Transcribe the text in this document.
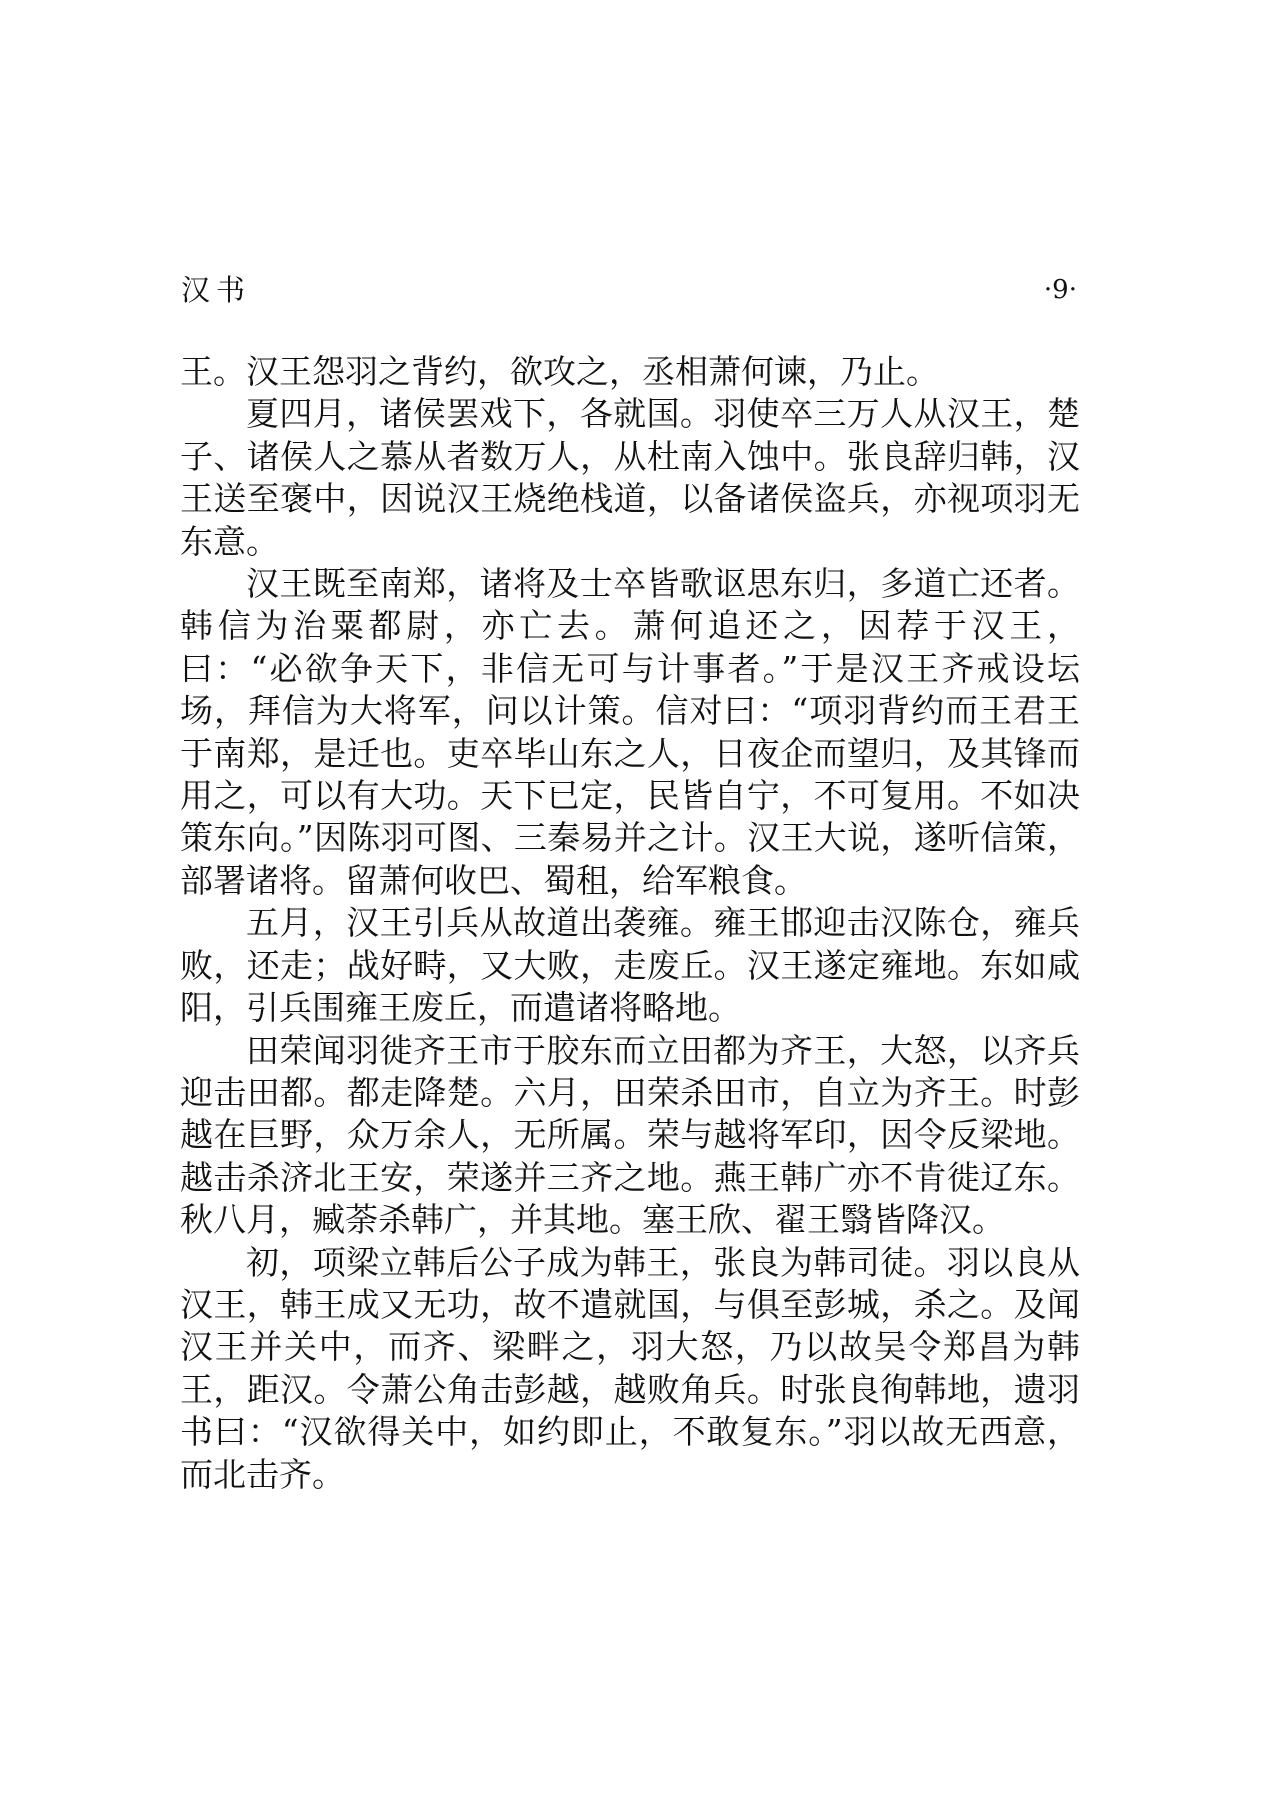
汉书	·9·

王。汉王怨羽之背约，欲攻之，丞相萧何谏，乃止。

夏四月，诸侯罢戏下，各就国。羽使卒三万人从汉王，楚子、诸侯人之慕从者数万人，从杜南入蚀中。张良辞归韩，汉王送至褒中，因说汉王烧绝栈道，以备诸侯盗兵，亦视项羽无东意。

汉王既至南郑，诸将及士卒皆歌讴思东归，多道亡还者。韩信为治粟都尉，亦亡去。萧何追还之，因荐于汉王，曰：“必欲争天下，非信无可与计事者。”于是汉王齐戒设坛场，拜信为大将军，问以计策。信对曰：“项羽背约而王君王于南郑，是迁也。吏卒毕山东之人，日夜企而望归，及其锋而用之，可以有大功。天下已定，民皆自宁，不可复用。不如决策东向。”因陈羽可图、三秦易并之计。汉王大说，遂听信策，部署诸将。留萧何收巴、蜀租，给军粮食。

五月，汉王引兵从故道出袭雍。雍王邯迎击汉陈仓，雍兵败，还走；战好畤，又大败，走废丘。汉王遂定雍地。东如咸阳，引兵围雍王废丘，而遣诸将略地。

田荣闻羽徙齐王市于胶东而立田都为齐王，大怒，以齐兵迎击田都。都走降楚。六月，田荣杀田市，自立为齐王。时彭越在巨野，众万余人，无所属。荣与越将军印，因令反梁地。越击杀济北王安，荣遂并三齐之地。燕王韩广亦不肯徙辽东。秋八月，臧荼杀韩广，并其地。塞王欣、翟王翳皆降汉。

初，项梁立韩后公子成为韩王，张良为韩司徒。羽以良从汉王，韩王成又无功，故不遣就国，与俱至彭城，杀之。及闻汉王并关中，而齐、梁畔之，羽大怒，乃以故吴令郑昌为韩王，距汉。令萧公角击彭越，越败角兵。时张良徇韩地，遗羽书曰：“汉欲得关中，如约即止，不敢复东。”羽以故无西意，而北击齐。
